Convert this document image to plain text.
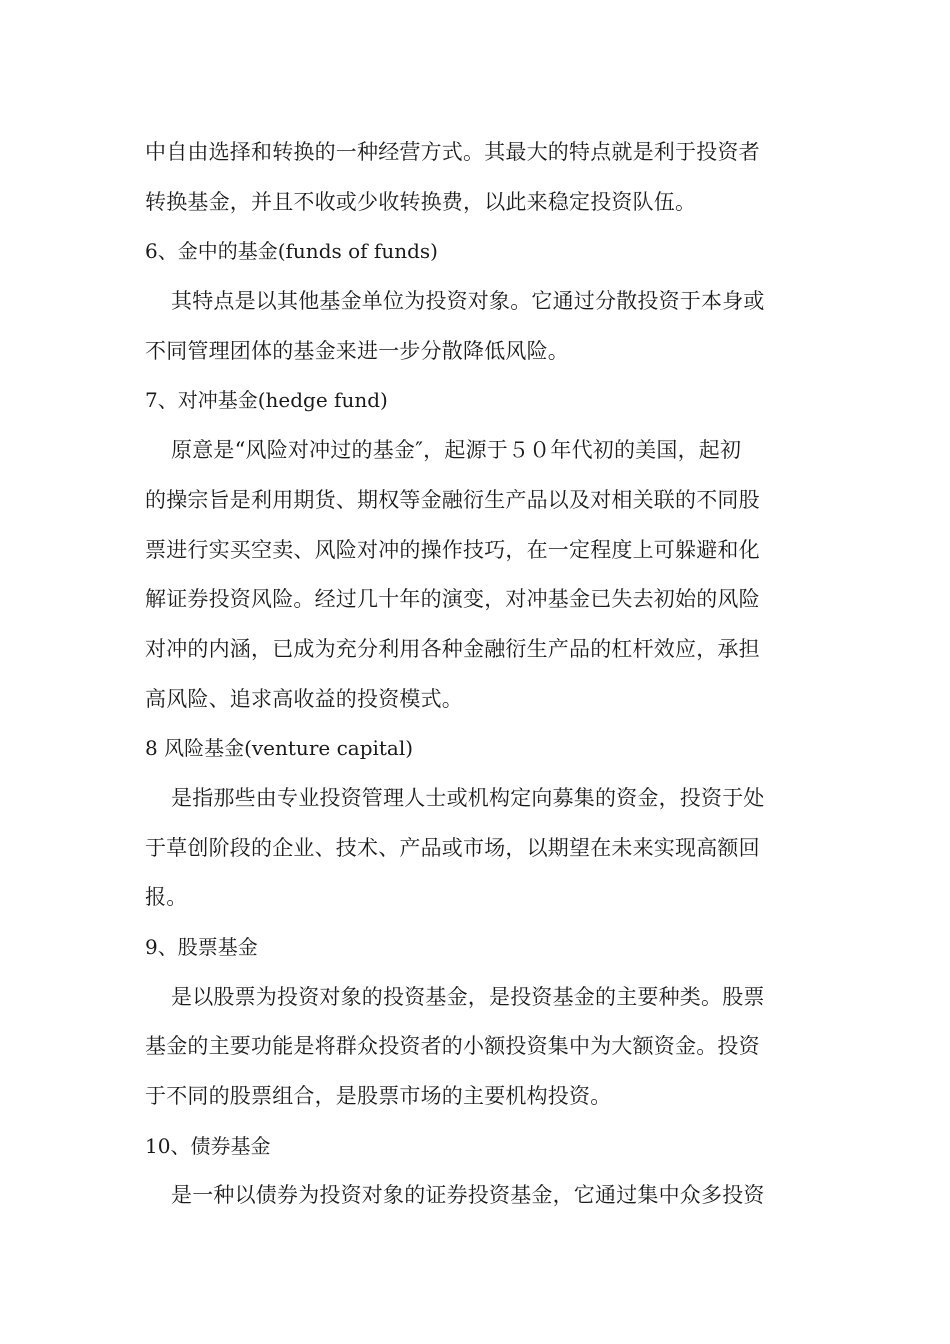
中自由选择和转换的一种经营方式。其最大的特点就是利于投资者
转换基金，并且不收或少收转换费，以此来稳定投资队伍。
6、金中的基金(funds of funds)
其特点是以其他基金单位为投资对象。它通过分散投资于本身或
不同管理团体的基金来进一步分散降低风险。
7、对冲基金(hedge fund)
原意是“风险对冲过的基金″，起源于５０年代初的美国，起初
的操宗旨是利用期货、期权等金融衍生产品以及对相关联的不同股
票进行实买空卖、风险对冲的操作技巧，在一定程度上可躲避和化
解证券投资风险。经过几十年的演变，对冲基金已失去初始的风险
对冲的内涵，已成为充分利用各种金融衍生产品的杠杆效应，承担
高风险、追求高收益的投资模式。
8 风险基金(venture capital)
是指那些由专业投资管理人士或机构定向募集的资金，投资于处
于草创阶段的企业、技术、产品或市场，以期望在未来实现高额回
报。
9、股票基金
是以股票为投资对象的投资基金，是投资基金的主要种类。股票
基金的主要功能是将群众投资者的小额投资集中为大额资金。投资
于不同的股票组合，是股票市场的主要机构投资。
10、债券基金
是一种以债券为投资对象的证券投资基金，它通过集中众多投资
